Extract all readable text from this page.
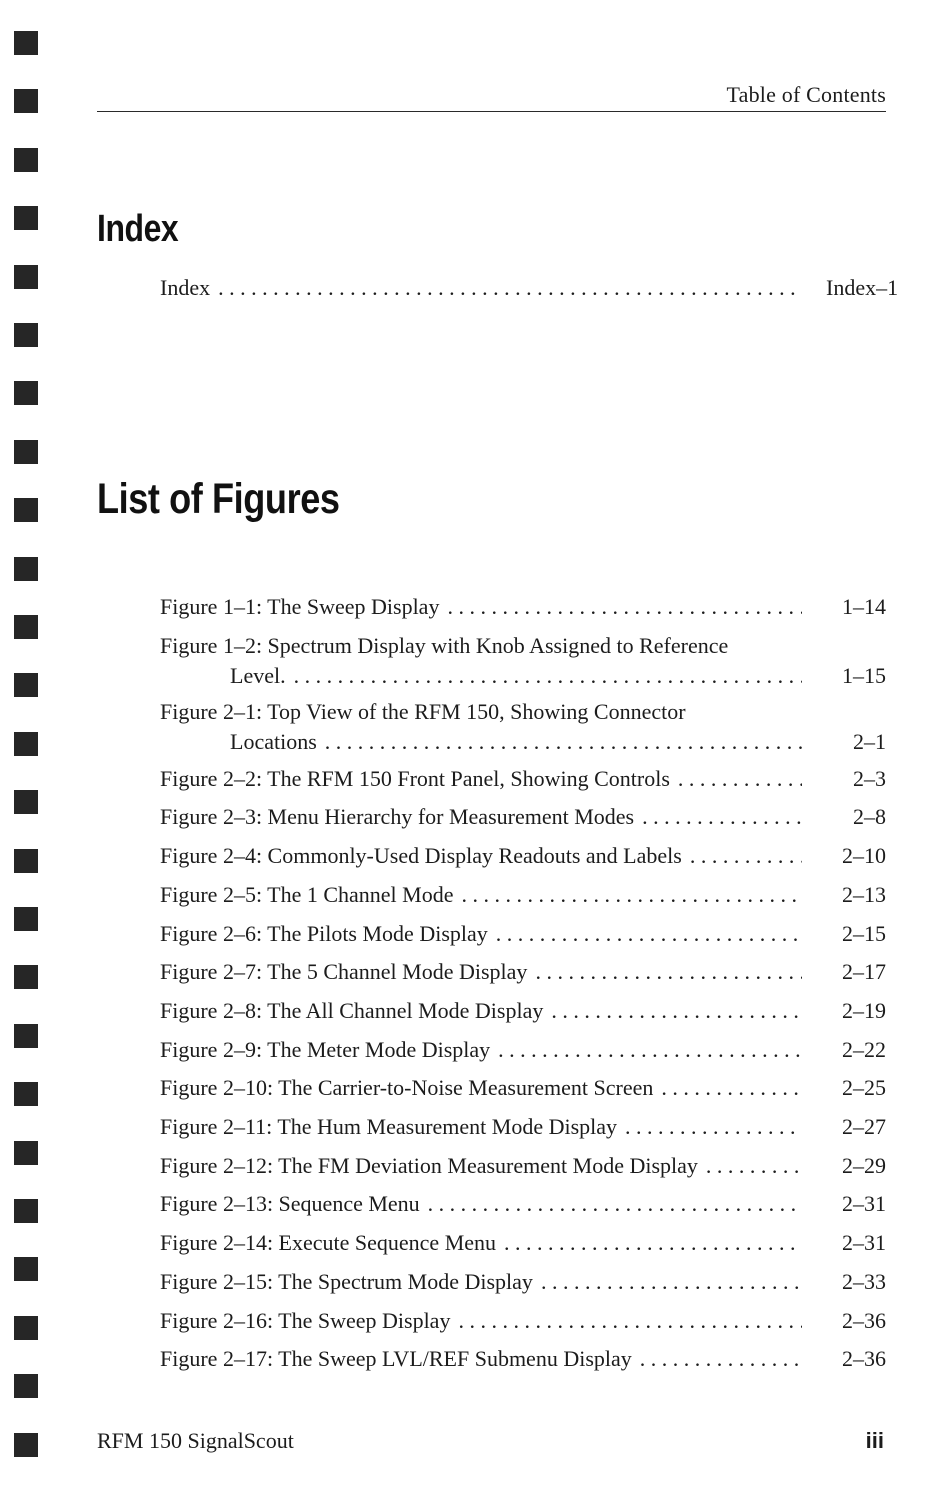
Table of Contents
Index
Index . . .	Index–1
List of Figures
Figure 1–1: The Sweep Display . . .	1–14
Figure 1–2: Spectrum Display with Knob Assigned to Reference
Level. . . .	1–15
Figure 2–1: Top View of the RFM 150, Showing Connector
Locations . . .	2–1
Figure 2–2: The RFM 150 Front Panel, Showing Controls . . .	2–3
Figure 2–3: Menu Hierarchy for Measurement Modes . . .	2–8
Figure 2–4: Commonly-Used Display Readouts and Labels . . .	2–10
Figure 2–5: The 1 Channel Mode . . .	2–13
Figure 2–6: The Pilots Mode Display . . .	2–15
Figure 2–7: The 5 Channel Mode Display . . .	2–17
Figure 2–8: The All Channel Mode Display . . .	2–19
Figure 2–9: The Meter Mode Display . . .	2–22
Figure 2–10: The Carrier-to-Noise Measurement Screen . . .	2–25
Figure 2–11: The Hum Measurement Mode Display . . .	2–27
Figure 2–12: The FM Deviation Measurement Mode Display . . .	2–29
Figure 2–13: Sequence Menu . . .	2–31
Figure 2–14: Execute Sequence Menu . . .	2–31
Figure 2–15: The Spectrum Mode Display . . .	2–33
Figure 2–16: The Sweep Display . . .	2–36
Figure 2–17: The Sweep LVL/REF Submenu Display . . .	2–36
RFM 150 SignalScout	iii
